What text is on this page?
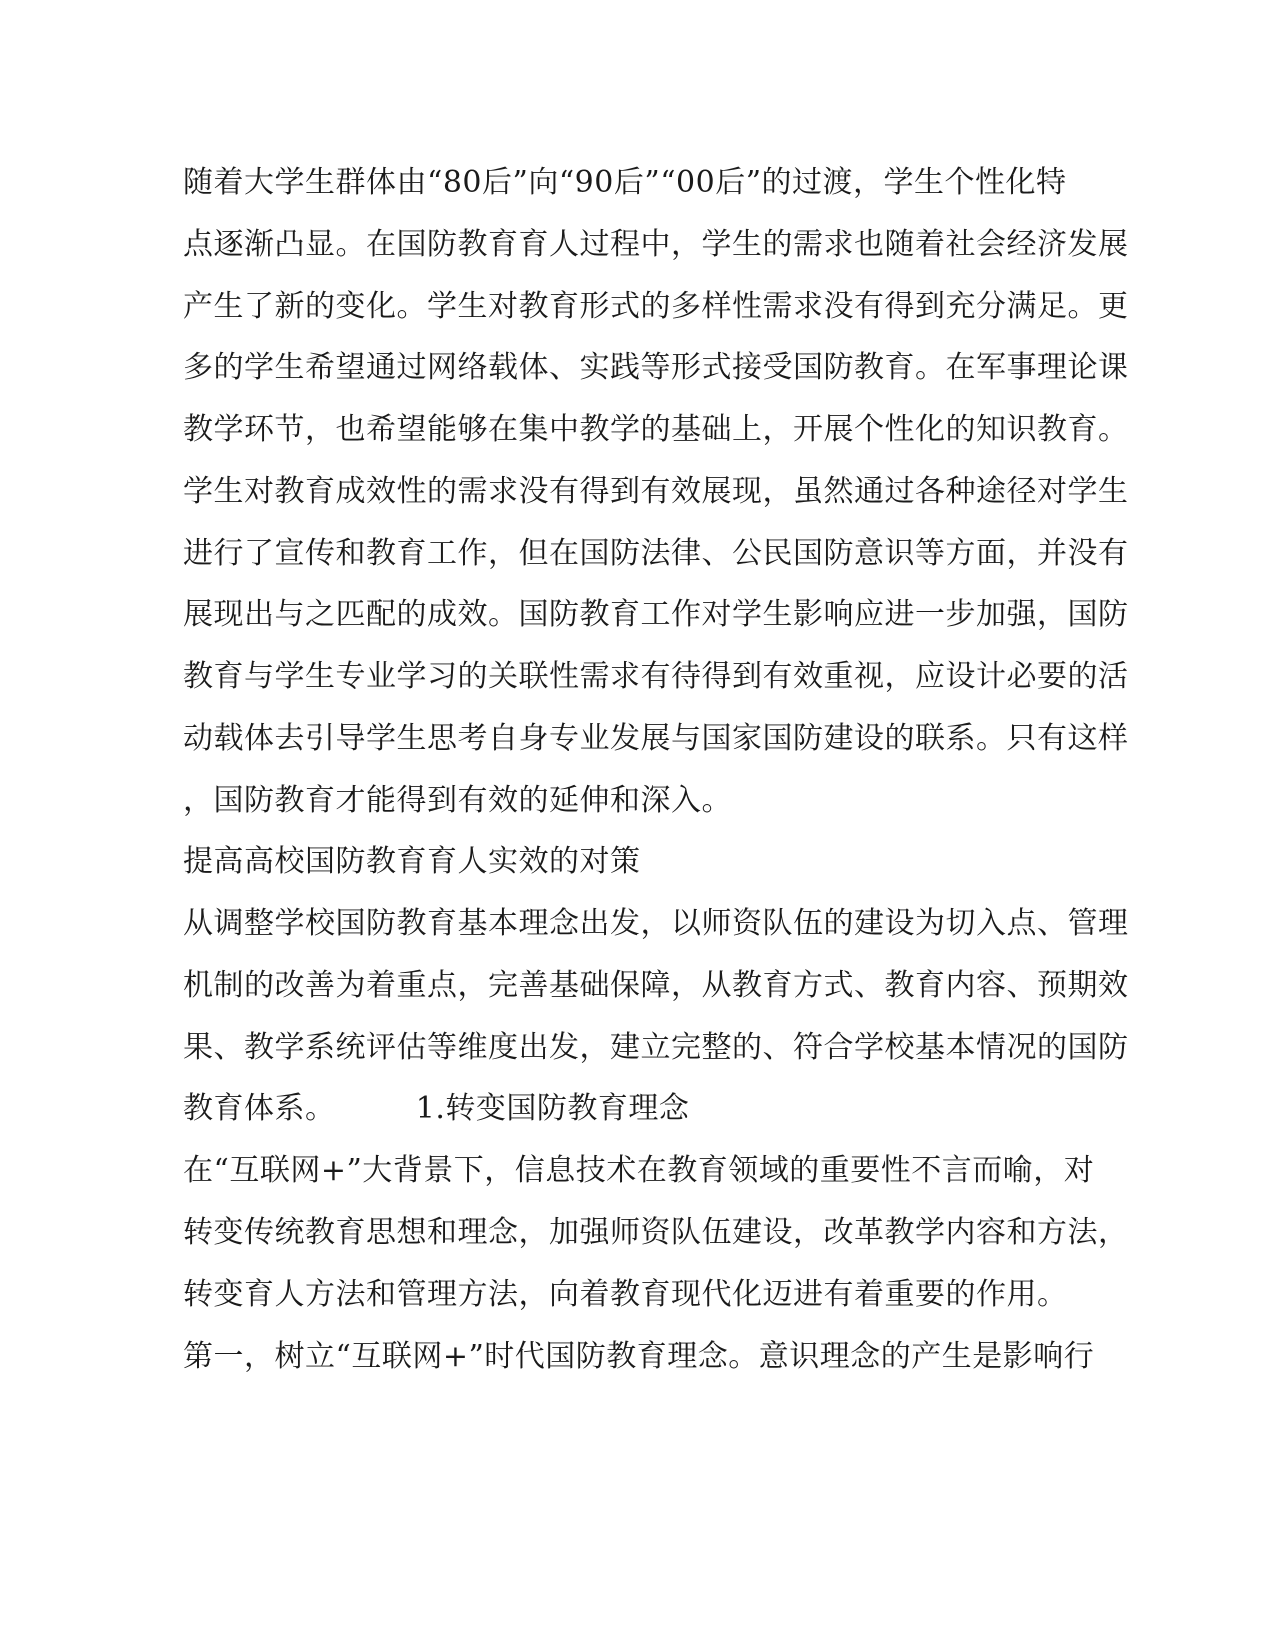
随着大学生群体由“80后”向“90后”“00后”的过渡，学生个性化特
点逐渐凸显。在国防教育育人过程中，学生的需求也随着社会经济发展
产生了新的变化。学生对教育形式的多样性需求没有得到充分满足。更
多的学生希望通过网络载体、实践等形式接受国防教育。在军事理论课
教学环节，也希望能够在集中教学的基础上，开展个性化的知识教育。
学生对教育成效性的需求没有得到有效展现，虽然通过各种途径对学生
进行了宣传和教育工作，但在国防法律、公民国防意识等方面，并没有
展现出与之匹配的成效。国防教育工作对学生影响应进一步加强，国防
教育与学生专业学习的关联性需求有待得到有效重视，应设计必要的活
动载体去引导学生思考自身专业发展与国家国防建设的联系。只有这样
，国防教育才能得到有效的延伸和深入。
提高高校国防教育育人实效的对策
从调整学校国防教育基本理念出发，以师资队伍的建设为切入点、管理
机制的改善为着重点，完善基础保障，从教育方式、教育内容、预期效
果、教学系统评估等维度出发，建立完整的、符合学校基本情况的国防
教育体系。        1.转变国防教育理念
在“互联网+”大背景下，信息技术在教育领域的重要性不言而喻，对
转变传统教育思想和理念，加强师资队伍建设，改革教学内容和方法，
转变育人方法和管理方法，向着教育现代化迈进有着重要的作用。
第一，树立“互联网+”时代国防教育理念。意识理念的产生是影响行
